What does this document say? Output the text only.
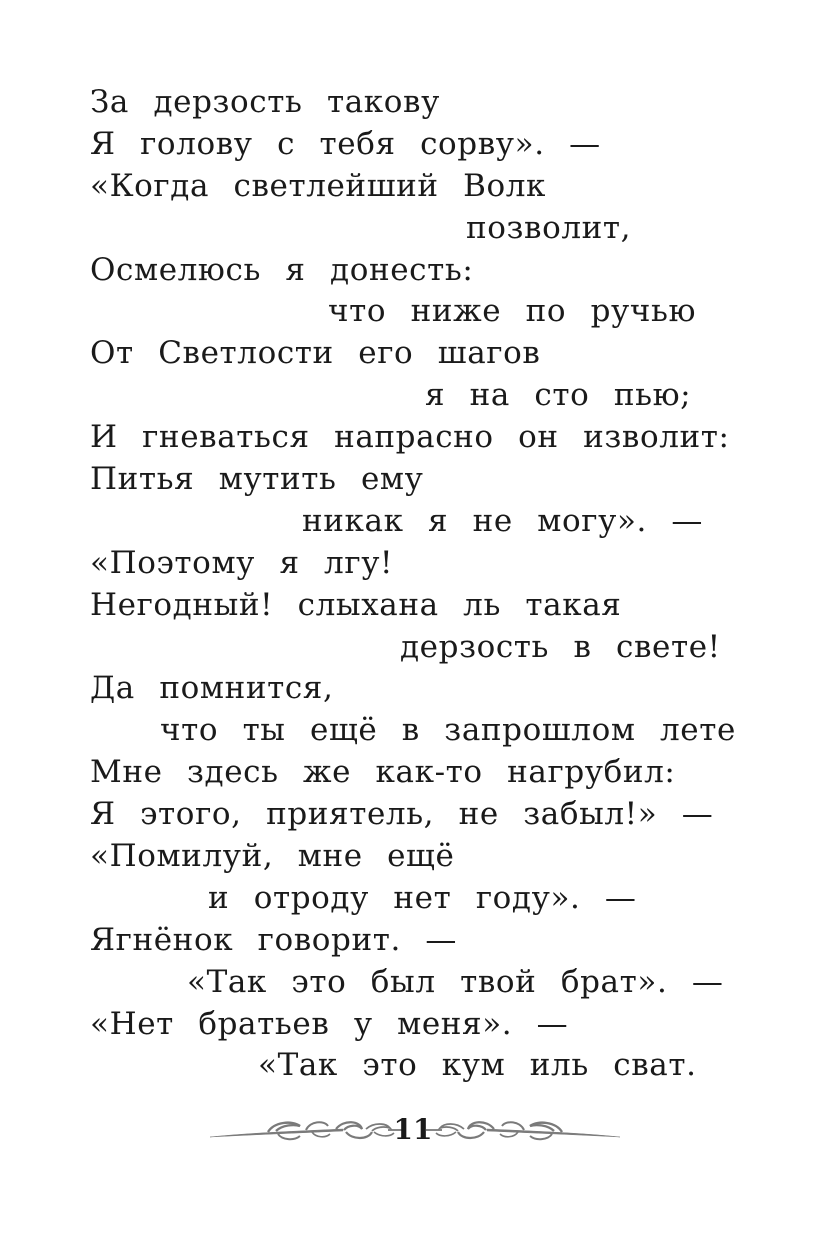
За дерзость такову
Я голову с тебя сорву». —
«Когда светлейший Волк
позволит,
Осмелюсь я донесть:
что ниже по ручью
От Светлости его шагов
я на сто пью;
И гневаться напрасно он изволит:
Питья мутить ему
никак я не могу». —
«Поэтому я лгу!
Негодный! слыхана ль такая
дерзость в свете!
Да помнится,
что ты ещё в запрошлом лете
Мне здесь же как-то нагрубил:
Я этого, приятель, не забыл!» —
«Помилуй, мне ещё
и отроду нет году». —
Ягнёнок говорит. —
«Так это был твой брат». —
«Нет братьев у меня». —
«Так это кум иль сват.
11
